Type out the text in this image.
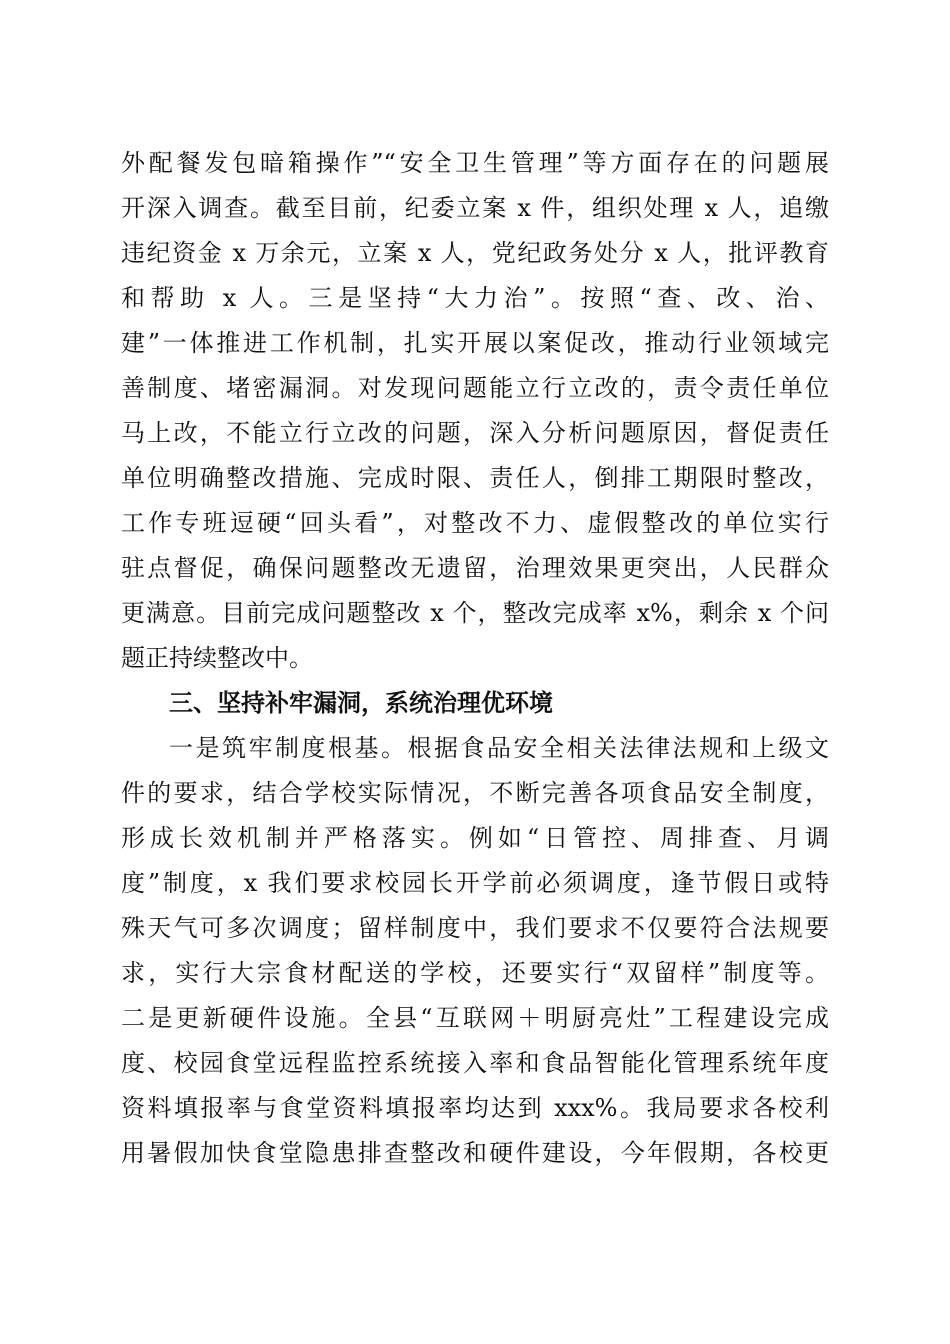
外配餐发包暗箱操作”“安全卫生管理”等方面存在的问题展
开深入调查。截至目前，纪委立案 x 件，组织处理 x 人，追缴
违纪资金 x 万余元，立案 x 人，党纪政务处分 x 人，批评教育
和帮助 x 人。三是坚持“大力治”。按照“查、改、治、
建”一体推进工作机制，扎实开展以案促改，推动行业领域完
善制度、堵密漏洞。对发现问题能立行立改的，责令责任单位
马上改，不能立行立改的问题，深入分析问题原因，督促责任
单位明确整改措施、完成时限、责任人，倒排工期限时整改，
工作专班逗硬“回头看”，对整改不力、虚假整改的单位实行
驻点督促，确保问题整改无遗留，治理效果更突出，人民群众
更满意。目前完成问题整改 x 个，整改完成率 x%，剩余 x 个问
题正持续整改中。
三、坚持补牢漏洞，系统治理优环境
一是筑牢制度根基。根据食品安全相关法律法规和上级文
件的要求，结合学校实际情况，不断完善各项食品安全制度，
形成长效机制并严格落实。例如“日管控、周排查、月调
度”制度，x 我们要求校园长开学前必须调度，逢节假日或特
殊天气可多次调度；留样制度中，我们要求不仅要符合法规要
求，实行大宗食材配送的学校，还要实行“双留样”制度等。
二是更新硬件设施。全县“互联网＋明厨亮灶”工程建设完成
度、校园食堂远程监控系统接入率和食品智能化管理系统年度
资料填报率与食堂资料填报率均达到 xxx%。我局要求各校利
用暑假加快食堂隐患排查整改和硬件建设，今年假期，各校更
